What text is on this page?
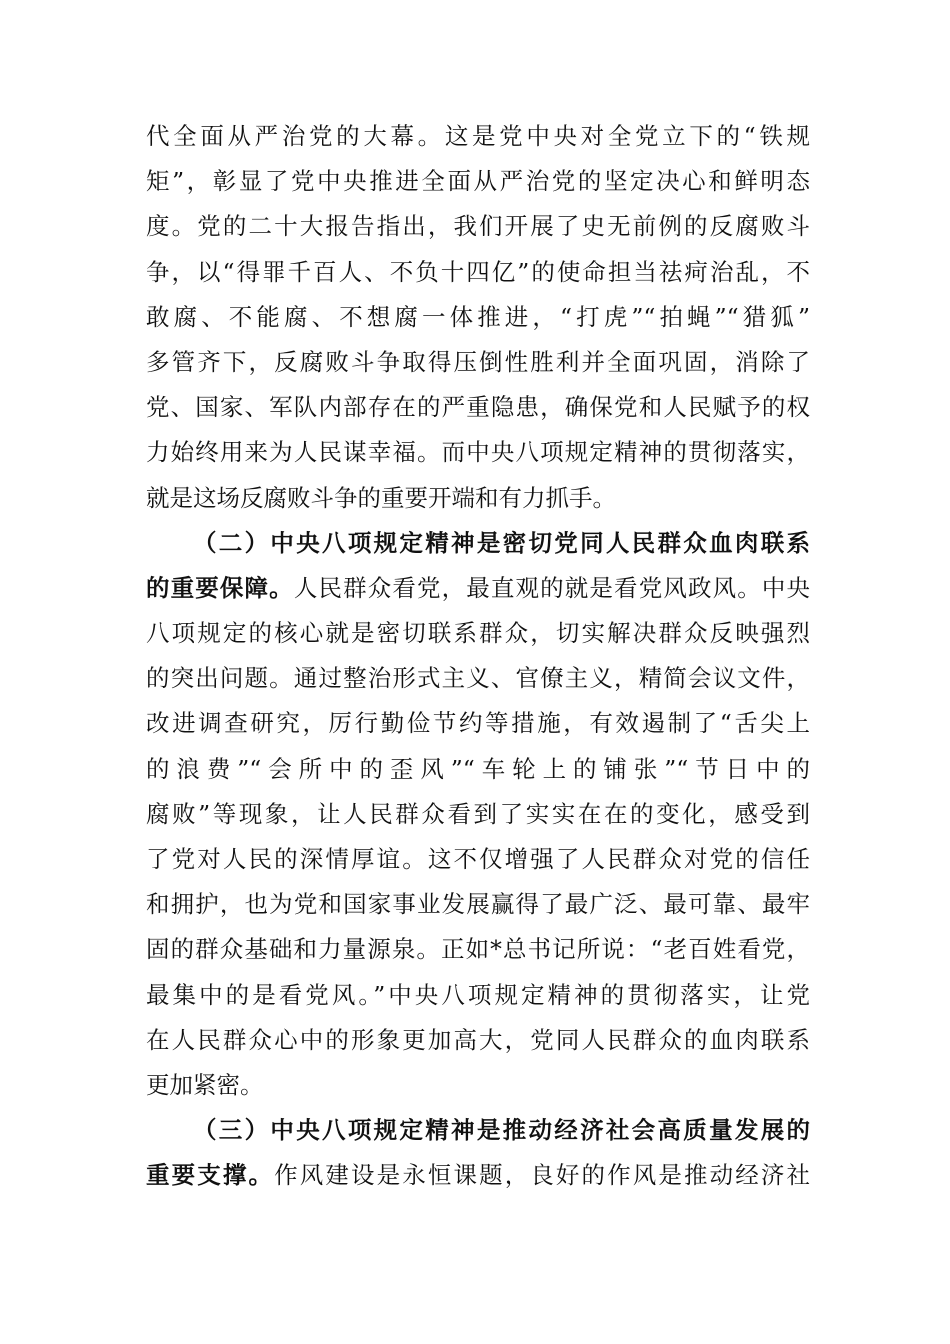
代全面从严治党的大幕。这是党中央对全党立下的“铁规
矩”，彰显了党中央推进全面从严治党的坚定决心和鲜明态
度。党的二十大报告指出，我们开展了史无前例的反腐败斗
争，以“得罪千百人、不负十四亿”的使命担当祛疴治乱，不
敢腐、不能腐、不想腐一体推进，“打虎”“拍蝇”“猎狐”
多管齐下，反腐败斗争取得压倒性胜利并全面巩固，消除了
党、国家、军队内部存在的严重隐患，确保党和人民赋予的权
力始终用来为人民谋幸福。而中央八项规定精神的贯彻落实，
就是这场反腐败斗争的重要开端和有力抓手。
（二）中央八项规定精神是密切党同人民群众血肉联系
的重要保障。人民群众看党，最直观的就是看党风政风。中央
八项规定的核心就是密切联系群众，切实解决群众反映强烈
的突出问题。通过整治形式主义、官僚主义，精简会议文件，
改进调查研究，厉行勤俭节约等措施，有效遏制了“舌尖上
的浪费”“会所中的歪风”“车轮上的铺张”“节日中的
腐败”等现象，让人民群众看到了实实在在的变化，感受到
了党对人民的深情厚谊。这不仅增强了人民群众对党的信任
和拥护，也为党和国家事业发展赢得了最广泛、最可靠、最牢
固的群众基础和力量源泉。正如*总书记所说：“老百姓看党，
最集中的是看党风。”中央八项规定精神的贯彻落实，让党
在人民群众心中的形象更加高大，党同人民群众的血肉联系
更加紧密。
（三）中央八项规定精神是推动经济社会高质量发展的
重要支撑。作风建设是永恒课题，良好的作风是推动经济社
